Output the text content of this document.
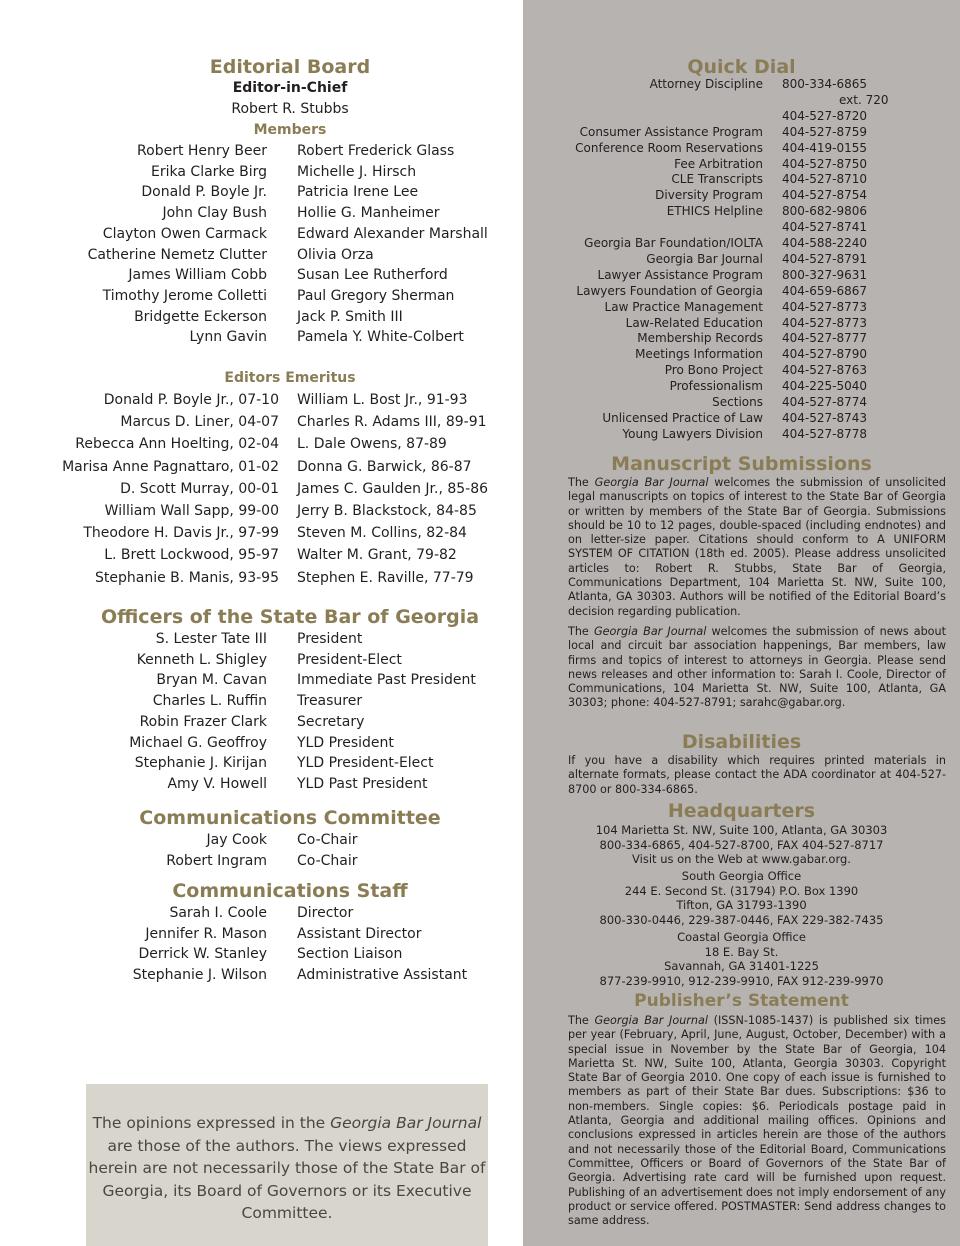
Editorial Board
Editor-in-Chief
Robert R. Stubbs
Members
Robert Henry Beer Robert Frederick Glass
Erika Clarke Birg Michelle J. Hirsch
Donald P. Boyle Jr. Patricia Irene Lee
John Clay Bush Hollie G. Manheimer
Clayton Owen Carmack Edward Alexander Marshall
Catherine Nemetz Clutter Olivia Orza
James William Cobb Susan Lee Rutherford
Timothy Jerome Colletti Paul Gregory Sherman
Bridgette Eckerson Jack P. Smith III
Lynn Gavin Pamela Y. White-Colbert
Editors Emeritus
Donald P. Boyle Jr., 07-10 William L. Bost Jr., 91-93
Marcus D. Liner, 04-07 Charles R. Adams III, 89-91
Rebecca Ann Hoelting, 02-04 L. Dale Owens, 87-89
Marisa Anne Pagnattaro, 01-02 Donna G. Barwick, 86-87
D. Scott Murray, 00-01 James C. Gaulden Jr., 85-86
William Wall Sapp, 99-00 Jerry B. Blackstock, 84-85
Theodore H. Davis Jr., 97-99 Steven M. Collins, 82-84
L. Brett Lockwood, 95-97 Walter M. Grant, 79-82
Stephanie B. Manis, 93-95 Stephen E. Raville, 77-79
Officers of the State Bar of Georgia
S. Lester Tate III President
Kenneth L. Shigley President-Elect
Bryan M. Cavan Immediate Past President
Charles L. Ruffin Treasurer
Robin Frazer Clark Secretary
Michael G. Geoffroy YLD President
Stephanie J. Kirijan YLD President-Elect
Amy V. Howell YLD Past President
Communications Committee
Jay Cook Co-Chair
Robert Ingram Co-Chair
Communications Staff
Sarah I. Coole Director
Jennifer R. Mason Assistant Director
Derrick W. Stanley Section Liaison
Stephanie J. Wilson Administrative Assistant

The opinions expressed in the Georgia Bar Journal are those of the authors. The views expressed herein are not necessarily those of the State Bar of Georgia, its Board of Governors or its Executive Committee.

Quick Dial
Attorney Discipline 800-334-6865
ext. 720
404-527-8720
Consumer Assistance Program 404-527-8759
Conference Room Reservations 404-419-0155
Fee Arbitration 404-527-8750
CLE Transcripts 404-527-8710
Diversity Program 404-527-8754
ETHICS Helpline 800-682-9806
404-527-8741
Georgia Bar Foundation/IOLTA 404-588-2240
Georgia Bar Journal 404-527-8791
Lawyer Assistance Program 800-327-9631
Lawyers Foundation of Georgia 404-659-6867
Law Practice Management 404-527-8773
Law-Related Education 404-527-8773
Membership Records 404-527-8777
Meetings Information 404-527-8790
Pro Bono Project 404-527-8763
Professionalism 404-225-5040
Sections 404-527-8774
Unlicensed Practice of Law 404-527-8743
Young Lawyers Division 404-527-8778
Manuscript Submissions

The Georgia Bar Journal welcomes the submission of unsolicited legal manuscripts on topics of interest to the State Bar of Georgia or written by members of the State Bar of Georgia. Submissions should be 10 to 12 pages, double-spaced (including endnotes) and on letter-size paper. Citations should conform to A UNIFORM SYSTEM OF CITATION (18th ed. 2005). Please address unsolicited articles to: Robert R. Stubbs, State Bar of Georgia, Communications Department, 104 Marietta St. NW, Suite 100, Atlanta, GA 30303. Authors will be notified of the Editorial Board’s decision regarding publication.

The Georgia Bar Journal welcomes the submission of news about local and circuit bar association happenings, Bar members, law firms and topics of interest to attorneys in Georgia. Please send news releases and other information to: Sarah I. Coole, Director of Communications, 104 Marietta St. NW, Suite 100, Atlanta, GA 30303; phone: 404-527-8791; sarahc@gabar.org.

Disabilities

If you have a disability which requires printed materials in alternate formats, please contact the ADA coordinator at 404-527-8700 or 800-334-6865.

Headquarters
104 Marietta St. NW, Suite 100, Atlanta, GA 30303
800-334-6865, 404-527-8700, FAX 404-527-8717
Visit us on the Web at www.gabar.org.
South Georgia Office
244 E. Second St. (31794) P.O. Box 1390
Tifton, GA 31793-1390
800-330-0446, 229-387-0446, FAX 229-382-7435
Coastal Georgia Office
18 E. Bay St.
Savannah, GA 31401-1225
877-239-9910, 912-239-9910, FAX 912-239-9970
Publisher’s Statement

The Georgia Bar Journal (ISSN-1085-1437) is published six times per year (February, April, June, August, October, December) with a special issue in November by the State Bar of Georgia, 104 Marietta St. NW, Suite 100, Atlanta, Georgia 30303. Copyright State Bar of Georgia 2010. One copy of each issue is furnished to members as part of their State Bar dues. Subscriptions: $36 to non-members. Single copies: $6. Periodicals postage paid in Atlanta, Georgia and additional mailing offices. Opinions and conclusions expressed in articles herein are those of the authors and not necessarily those of the Editorial Board, Communications Committee, Officers or Board of Governors of the State Bar of Georgia. Advertising rate card will be furnished upon request. Publishing of an advertisement does not imply endorsement of any product or service offered. POSTMASTER: Send address changes to same address.
